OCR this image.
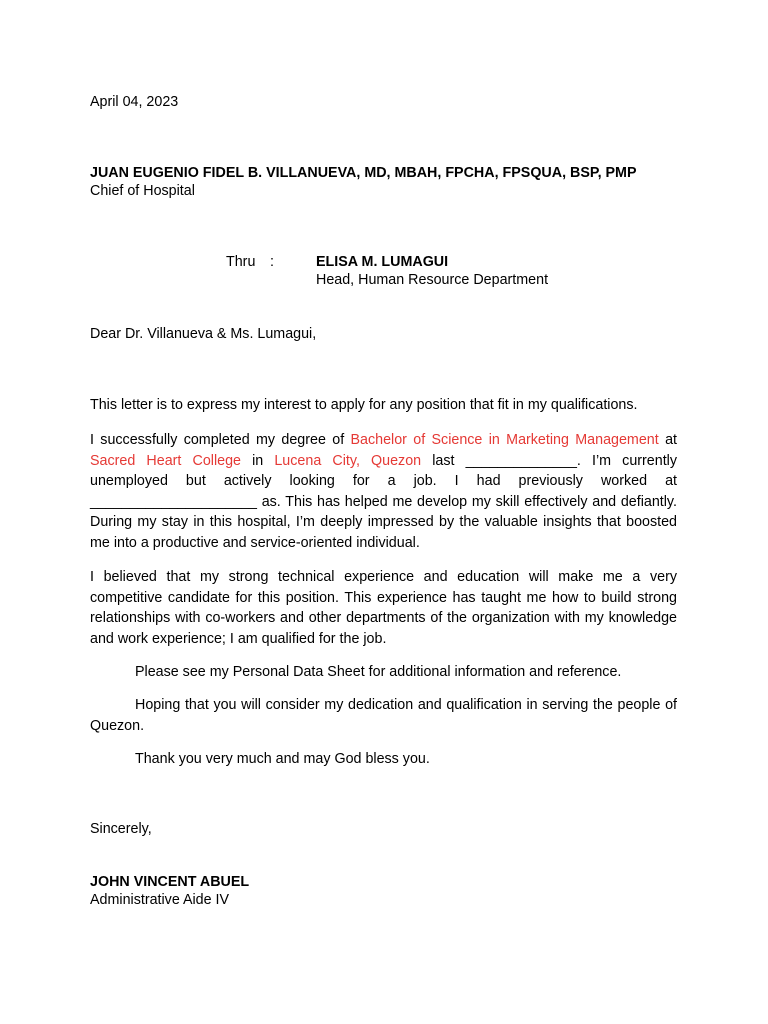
April 04, 2023

JUAN EUGENIO FIDEL B. VILLANUEVA, MD, MBAH, FPCHA, FPSQUA, BSP, PMP

Chief of Hospital

Thru :	ELISA M. LUMAGUI

Head, Human Resource Department

Dear Dr. Villanueva & Ms. Lumagui,

This letter is to express my interest to apply for any position that fit in my qualifications.

I successfully completed my degree of Bachelor of Science in Marketing Management at Sacred Heart College in Lucena City, Quezon last ______________. I’m currently unemployed but actively looking for a job. I had previously worked at _____________________ as. This has helped me develop my skill effectively and defiantly. During my stay in this hospital, I’m deeply impressed by the valuable insights that boosted me into a productive and service-oriented individual.

I believed that my strong technical experience and education will make me a very competitive candidate for this position. This experience has taught me how to build strong relationships with co-workers and other departments of the organization with my knowledge and work experience; I am qualified for the job.

Please see my Personal Data Sheet for additional information and reference.

Hoping that you will consider my dedication and qualification in serving the people of Quezon.

Thank you very much and may God bless you.

Sincerely,

JOHN VINCENT ABUEL

Administrative Aide IV
